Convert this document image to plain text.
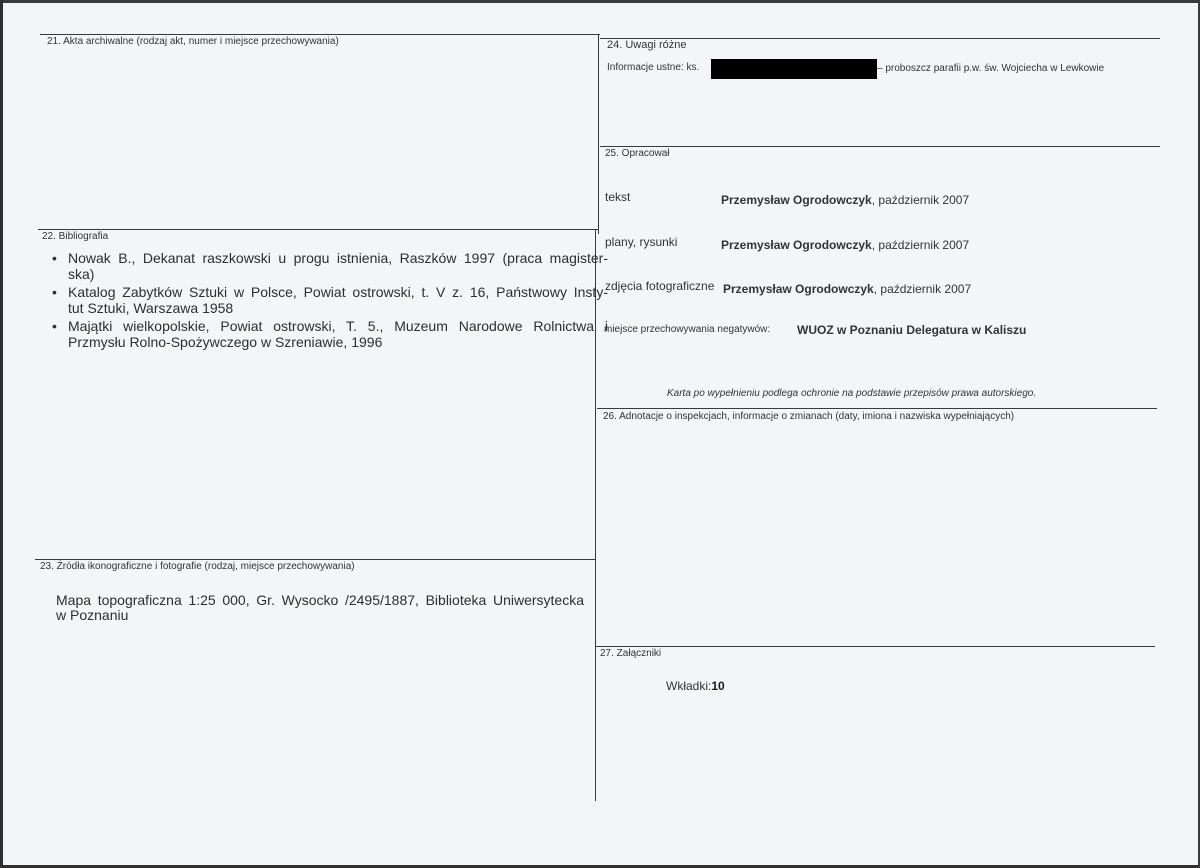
21. Akta archiwalne (rodzaj akt, numer i miejsce przechowywania)
22. Bibliografia
• Nowak B., Dekanat raszkowski u progu istnienia, Raszków 1997 (praca magister-
ska)
• Katalog Zabytków Sztuki w Polsce, Powiat ostrowski, t. V z. 16, Państwowy Insty-
tut Sztuki, Warszawa 1958
• Majątki wielkopolskie, Powiat ostrowski, T. 5., Muzeum Narodowe Rolnictwa i
Przmysłu Rolno-Spożywczego w Szreniawie, 1996
23. Źródła ikonograficzne i fotografie (rodzaj, miejsce przechowywania)
Mapa topograficzna 1:25 000, Gr. Wysocko /2495/1887, Biblioteka Uniwersytecka
w Poznaniu
24. Uwagi różne
Informacje ustne: ks.	– proboszcz parafii p.w. św. Wojciecha w Lewkowie
25. Opracował
tekst	Przemysław Ogrodowczyk, październik 2007
plany, rysunki	Przemysław Ogrodowczyk, październik 2007
zdjęcia fotograficzne Przemysław Ogrodowczyk, październik 2007
miejsce przechowywania negatywów: WUOZ w Poznaniu Delegatura w Kaliszu
Karta po wypełnieniu podlega ochronie na podstawie przepisów prawa autorskiego.
26. Adnotacje o inspekcjach, informacje o zmianach (daty, imiona i nazwiska wypełniających)
27. Załączniki
Wkładki:10
